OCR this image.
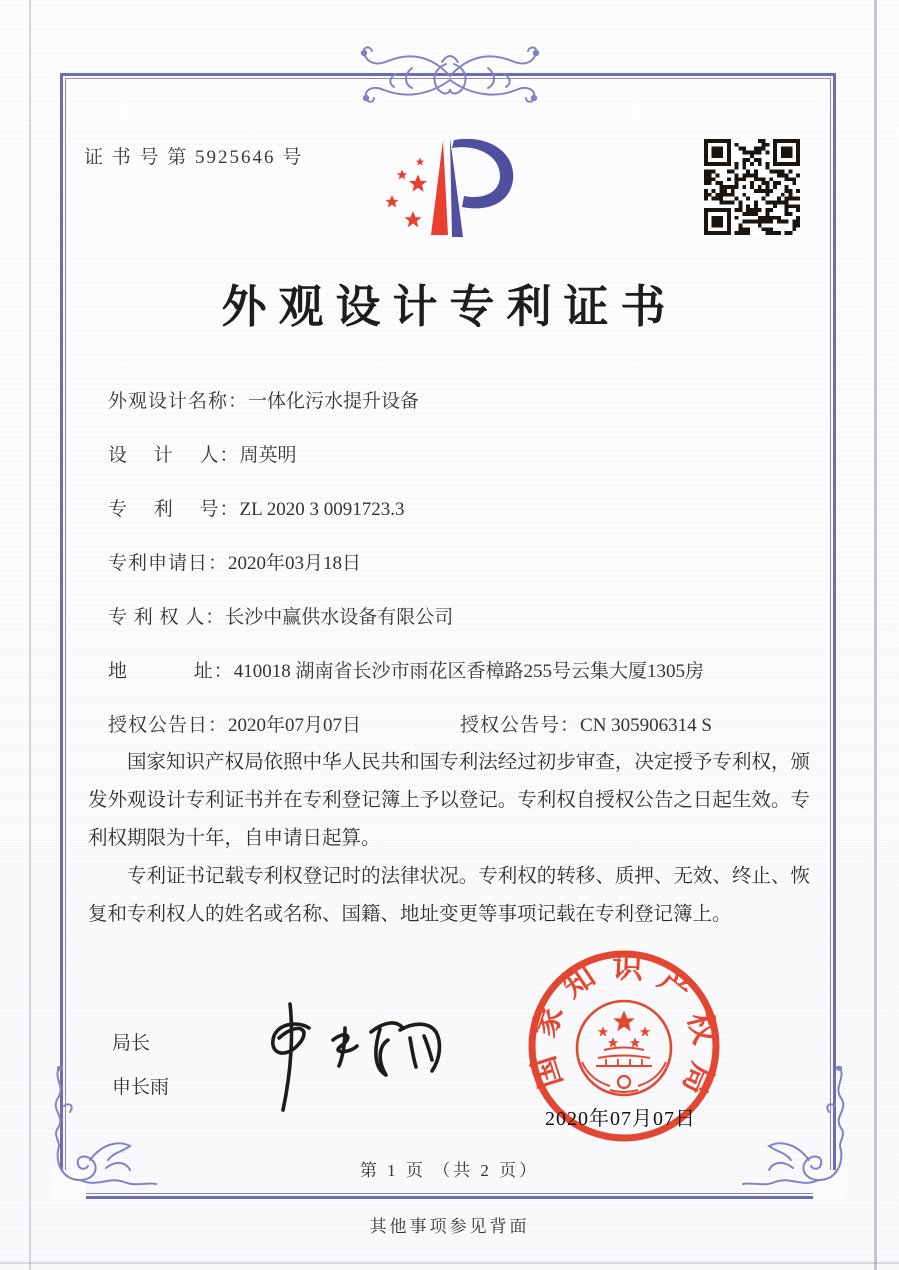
证 书 号 第 5925646 号
外观设计专利证书
外观设计名称：一体化污水提升设备
设　 计　 人：周英明
专　 利　 号：ZL 2020 3 0091723.3
专利申请日：2020年03月18日
专 利 权 人：长沙中赢供水设备有限公司
地　　　 址：410018 湖南省长沙市雨花区香樟路255号云集大厦1305房
授权公告日：2020年07月07日	授权公告号：CN 305906314 S

国家知识产权局依照中华人民共和国专利法经过初步审查，决定授予专利权，颁发外观设计专利证书并在专利登记簿上予以登记。专利权自授权公告之日起生效。专利权期限为十年，自申请日起算。

专利证书记载专利权登记时的法律状况。专利权的转移、质押、无效、终止、恢复和专利权人的姓名或名称、国籍、地址变更等事项记载在专利登记簿上。

局长
申长雨	国家知识产权局
2020年07月07日
第 1 页 （共 2 页）
其他事项参见背面
